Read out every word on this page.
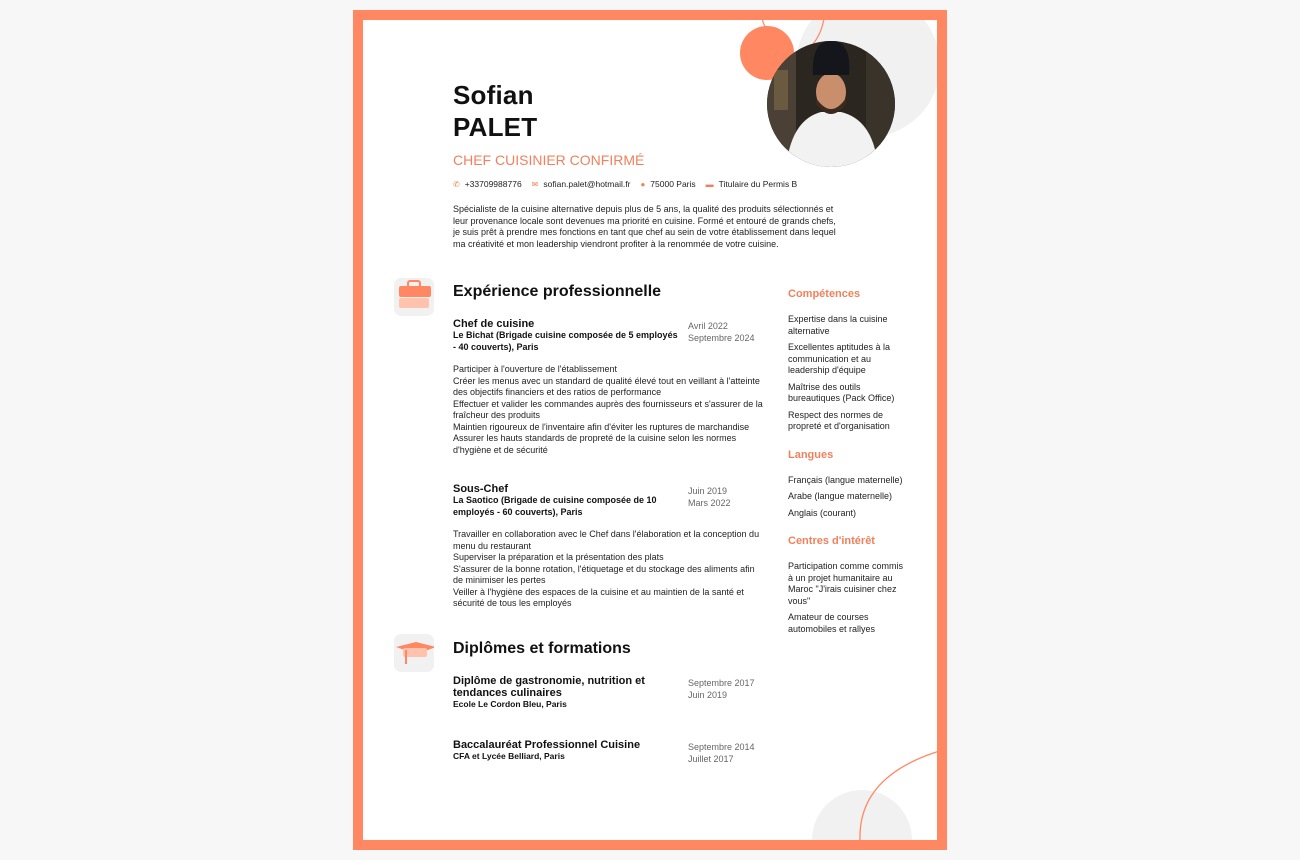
Sofian
PALET
CHEF CUISINIER CONFIRMÉ
✆ +33709988776 ✉ sofian.palet@hotmail.fr ● 75000 Paris ▬ Titulaire du Permis B
Spécialiste de la cuisine alternative depuis plus de 5 ans, la qualité des produits sélectionnés et leur provenance locale sont devenues ma priorité en cuisine. Formé et entouré de grands chefs, je suis prêt à prendre mes fonctions en tant que chef au sein de votre établissement dans lequel ma créativité et mon leadership viendront profiter à la renommée de votre cuisine.
Expérience professionnelle
Chef de cuisine
Le Bichat (Brigade cuisine composée de 5 employés - 40 couverts), Paris
Avril 2022
Septembre 2024
Participer à l'ouverture de l'établissement
Créer les menus avec un standard de qualité élevé tout en veillant à l'atteinte des objectifs financiers et des ratios de performance
Effectuer et valider les commandes auprès des fournisseurs et s'assurer de la fraîcheur des produits
Maintien rigoureux de l'inventaire afin d'éviter les ruptures de marchandise
Assurer les hauts standards de propreté de la cuisine selon les normes d'hygiène et de sécurité
Sous-Chef
La Saotico (Brigade de cuisine composée de 10 employés - 60 couverts), Paris
Juin 2019
Mars 2022
Travailler en collaboration avec le Chef dans l'élaboration et la conception du menu du restaurant
Superviser la préparation et la présentation des plats
S'assurer de la bonne rotation, l'étiquetage et du stockage des aliments afin de minimiser les pertes
Veiller à l'hygiène des espaces de la cuisine et au maintien de la santé et sécurité de tous les employés
Diplômes et formations
Diplôme de gastronomie, nutrition et tendances culinaires
Ecole Le Cordon Bleu, Paris
Septembre 2017
Juin 2019
Baccalauréat Professionnel Cuisine
CFA et Lycée Belliard, Paris
Septembre 2014
Juillet 2017
Compétences
Expertise dans la cuisine alternative
Excellentes aptitudes à la communication et au leadership d'équipe
Maîtrise des outils bureautiques (Pack Office)
Respect des normes de propreté et d'organisation
Langues
Français (langue maternelle)
Arabe (langue maternelle)
Anglais (courant)
Centres d'intérêt
Participation comme commis à un projet humanitaire au Maroc "J'irais cuisiner chez vous"
Amateur de courses automobiles et rallyes
